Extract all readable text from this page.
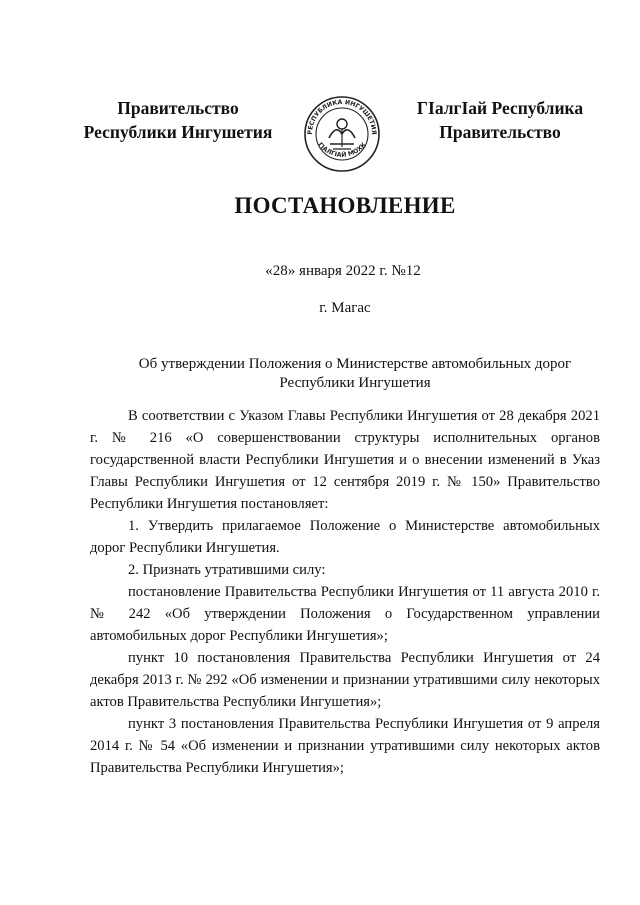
Правительство
Республики Ингушетия	РЕСПУБЛИКА ИНГУШЕТИЯ
ГIАЛГIАЙ МОХК
ГIалгIай Республика
Правительство
ПОСТАНОВЛЕНИЕ
«28» января 2022 г. №12
г. Магас
Об утверждении Положения о Министерстве автомобильных дорог
Республики Ингушетия

В соответствии с Указом Главы Республики Ингушетия от 28 декабря 2021 г. № 216 «О совершенствовании структуры исполнительных органов государственной власти Республики Ингушетия и о внесении изменений в Указ Главы Республики Ингушетия от 12 сентября 2019 г. № 150» Правительство Республики Ингушетия постановляет:

1. Утвердить прилагаемое Положение о Министерстве автомобильных дорог Республики Ингушетия.

2. Признать утратившими силу:

постановление Правительства Республики Ингушетия от 11 августа 2010 г. № 242 «Об утверждении Положения о Государственном управлении автомобильных дорог Республики Ингушетия»;

пункт 10 постановления Правительства Республики Ингушетия от 24 декабря 2013 г. № 292 «Об изменении и признании утратившими силу некоторых актов Правительства Республики Ингушетия»;

пункт 3 постановления Правительства Республики Ингушетия от 9 апреля 2014 г. № 54 «Об изменении и признании утратившими силу некоторых актов Правительства Республики Ингушетия»;
